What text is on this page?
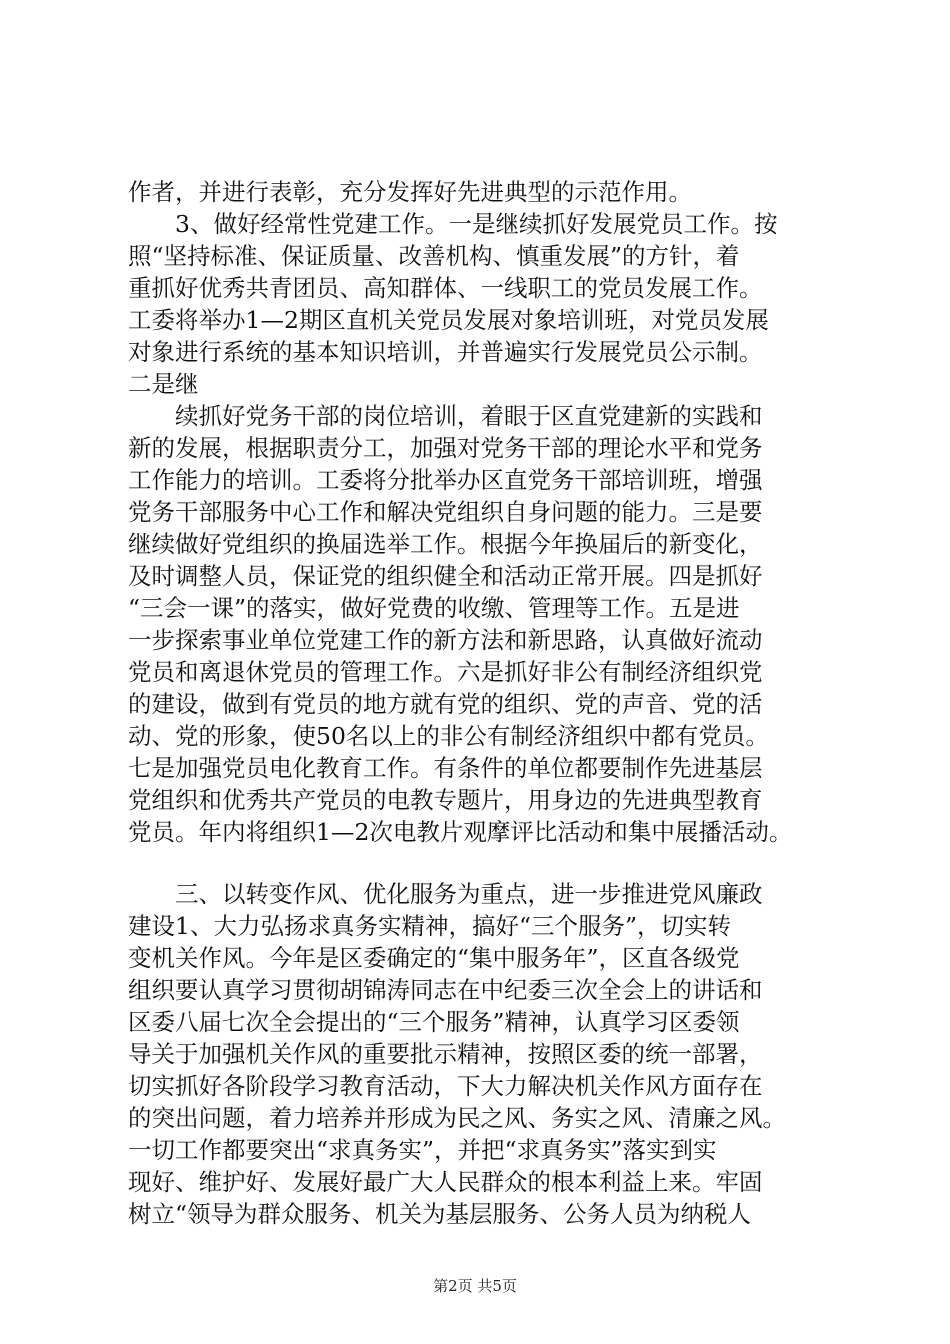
作者，并进行表彰，充分发挥好先进典型的示范作用。
　　3、做好经常性党建工作。一是继续抓好发展党员工作。按
照“坚持标准、保证质量、改善机构、慎重发展”的方针，着
重抓好优秀共青团员、高知群体、一线职工的党员发展工作。
工委将举办1—2期区直机关党员发展对象培训班，对党员发展
对象进行系统的基本知识培训，并普遍实行发展党员公示制。
二是继
　　续抓好党务干部的岗位培训，着眼于区直党建新的实践和
新的发展，根据职责分工，加强对党务干部的理论水平和党务
工作能力的培训。工委将分批举办区直党务干部培训班，增强
党务干部服务中心工作和解决党组织自身问题的能力。三是要
继续做好党组织的换届选举工作。根据今年换届后的新变化，
及时调整人员，保证党的组织健全和活动正常开展。四是抓好
“三会一课”的落实，做好党费的收缴、管理等工作。五是进
一步探索事业单位党建工作的新方法和新思路，认真做好流动
党员和离退休党员的管理工作。六是抓好非公有制经济组织党
的建设，做到有党员的地方就有党的组织、党的声音、党的活
动、党的形象，使50名以上的非公有制经济组织中都有党员。
七是加强党员电化教育工作。有条件的单位都要制作先进基层
党组织和优秀共产党员的电教专题片，用身边的先进典型教育
党员。年内将组织1—2次电教片观摩评比活动和集中展播活动。
　　三、以转变作风、优化服务为重点，进一步推进党风廉政
建设1、大力弘扬求真务实精神，搞好“三个服务”，切实转
变机关作风。今年是区委确定的“集中服务年”，区直各级党
组织要认真学习贯彻胡锦涛同志在中纪委三次全会上的讲话和
区委八届七次全会提出的“三个服务”精神，认真学习区委领
导关于加强机关作风的重要批示精神，按照区委的统一部署，
切实抓好各阶段学习教育活动，下大力解决机关作风方面存在
的突出问题，着力培养并形成为民之风、务实之风、清廉之风。
一切工作都要突出“求真务实”，并把“求真务实”落实到实
现好、维护好、发展好最广大人民群众的根本利益上来。牢固
树立“领导为群众服务、机关为基层服务、公务人员为纳税人
第2页 共5页
